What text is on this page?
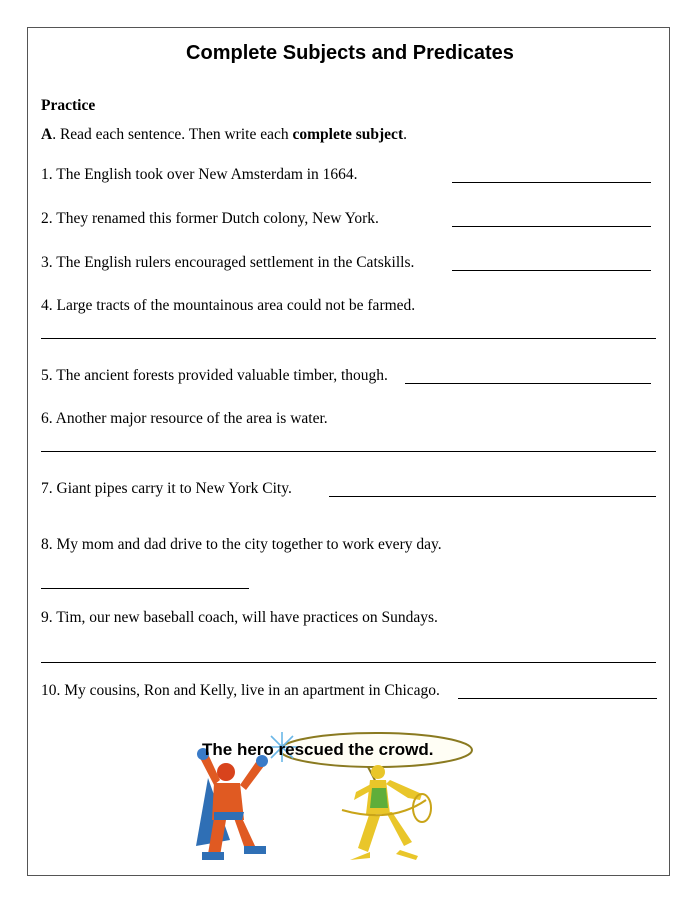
Complete Subjects and Predicates
Practice
A. Read each sentence. Then write each complete subject.
1. The English took over New Amsterdam in 1664.
2. They renamed this former Dutch colony, New York.
3. The English rulers encouraged settlement in the Catskills.
4. Large tracts of the mountainous area could not be farmed.
5. The ancient forests provided valuable timber, though.
6. Another major resource of the area is water.
7. Giant pipes carry it to New York City.
8. My mom and dad drive to the city together to work every day.
9. Tim, our new baseball coach, will have practices on Sundays.
10. My cousins, Ron and Kelly, live in an apartment in Chicago.
The hero rescued the crowd.
